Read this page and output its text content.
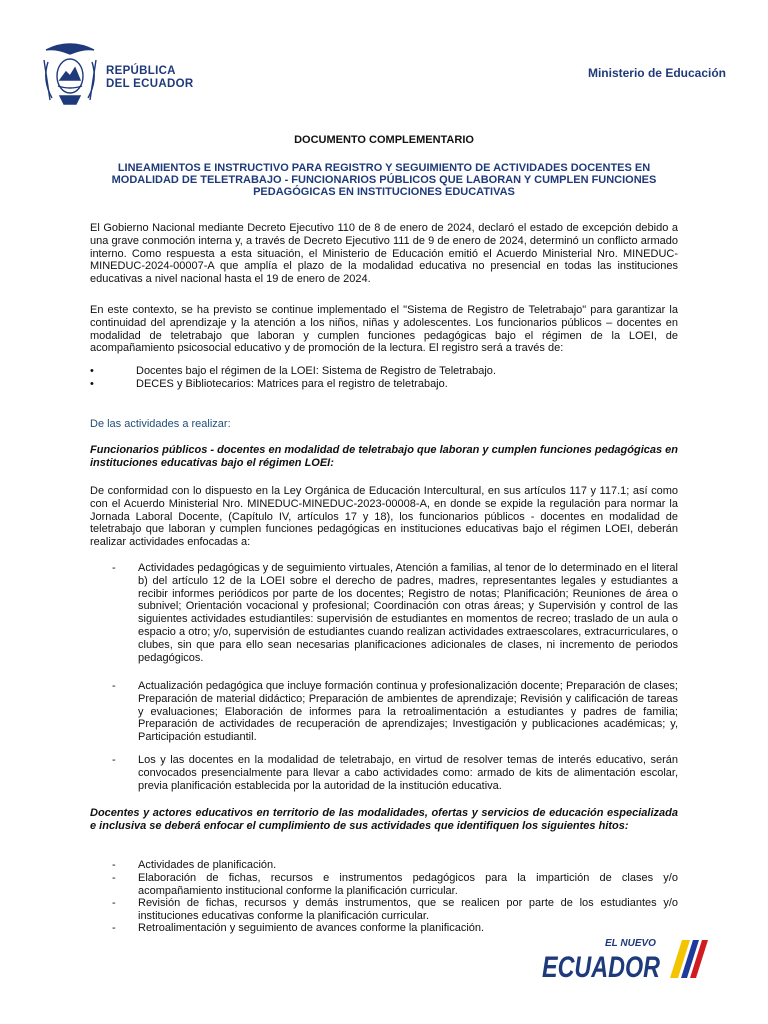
REPÚBLICA
DEL ECUADOR
Ministerio de Educación
DOCUMENTO COMPLEMENTARIO
LINEAMIENTOS E INSTRUCTIVO PARA REGISTRO Y SEGUIMIENTO DE ACTIVIDADES DOCENTES EN MODALIDAD DE TELETRABAJO - FUNCIONARIOS PÚBLICOS QUE LABORAN Y CUMPLEN FUNCIONES PEDAGÓGICAS EN INSTITUCIONES EDUCATIVAS
El Gobierno Nacional mediante Decreto Ejecutivo 110 de 8 de enero de 2024, declaró el estado de excepción debido a una grave conmoción interna y, a través de Decreto Ejecutivo 111 de 9 de enero de 2024, determinó un conflicto armado interno. Como respuesta a esta situación, el Ministerio de Educación emitió el Acuerdo Ministerial Nro. MINEDUC-MINEDUC-2024-00007-A que amplía el plazo de la modalidad educativa no presencial en todas las instituciones educativas a nivel nacional hasta el 19 de enero de 2024.
En este contexto, se ha previsto se continue implementado el "Sistema de Registro de Teletrabajo" para garantizar la continuidad del aprendizaje y la atención a los niños, niñas y adolescentes. Los funcionarios públicos – docentes en modalidad de teletrabajo que laboran y cumplen funciones pedagógicas bajo el régimen de la LOEI, de acompañamiento psicosocial educativo y de promoción de la lectura. El registro será a través de:
•	Docentes bajo el régimen de la LOEI: Sistema de Registro de Teletrabajo.
•	DECES y Bibliotecarios: Matrices para el registro de teletrabajo.
De las actividades a realizar:
Funcionarios públicos - docentes en modalidad de teletrabajo que laboran y cumplen funciones pedagógicas en instituciones educativas bajo el régimen LOEI:
De conformidad con lo dispuesto en la Ley Orgánica de Educación Intercultural, en sus artículos 117 y 117.1; así como con el Acuerdo Ministerial Nro. MINEDUC-MINEDUC-2023-00008-A, en donde se expide la regulación para normar la Jornada Laboral Docente, (Capítulo IV, artículos 17 y 18), los funcionarios públicos - docentes en modalidad de teletrabajo que laboran y cumplen funciones pedagógicas en instituciones educativas bajo el régimen LOEI, deberán realizar actividades enfocadas a:
- Actividades pedagógicas y de seguimiento virtuales, Atención a familias, al tenor de lo determinado en el literal b) del artículo 12 de la LOEI sobre el derecho de padres, madres, representantes legales y estudiantes a recibir informes periódicos por parte de los docentes; Registro de notas; Planificación; Reuniones de área o subnivel; Orientación vocacional y profesional; Coordinación con otras áreas; y Supervisión y control de las siguientes actividades estudiantiles: supervisión de estudiantes en momentos de recreo; traslado de un aula o espacio a otro; y/o, supervisión de estudiantes cuando realizan actividades extraescolares, extracurriculares, o clubes, sin que para ello sean necesarias planificaciones adicionales de clases, ni incremento de periodos pedagógicos.
- Actualización pedagógica que incluye formación continua y profesionalización docente; Preparación de clases; Preparación de material didáctico; Preparación de ambientes de aprendizaje; Revisión y calificación de tareas y evaluaciones; Elaboración de informes para la retroalimentación a estudiantes y padres de familia; Preparación de actividades de recuperación de aprendizajes; Investigación y publicaciones académicas; y, Participación estudiantil.
- Los y las docentes en la modalidad de teletrabajo, en virtud de resolver temas de interés educativo, serán convocados presencialmente para llevar a cabo actividades como: armado de kits de alimentación escolar, previa planificación establecida por la autoridad de la institución educativa.
Docentes y actores educativos en territorio de las modalidades, ofertas y servicios de educación especializada e inclusiva se deberá enfocar el cumplimiento de sus actividades que identifiquen los siguientes hitos:
- Actividades de planificación.
- Elaboración de fichas, recursos e instrumentos pedagógicos para la impartición de clases y/o acompañamiento institucional conforme la planificación curricular.
- Revisión de fichas, recursos y demás instrumentos, que se realicen por parte de los estudiantes y/o instituciones educativas conforme la planificación curricular.
- Retroalimentación y seguimiento de avances conforme la planificación.
EL NUEVO
ECUADOR
